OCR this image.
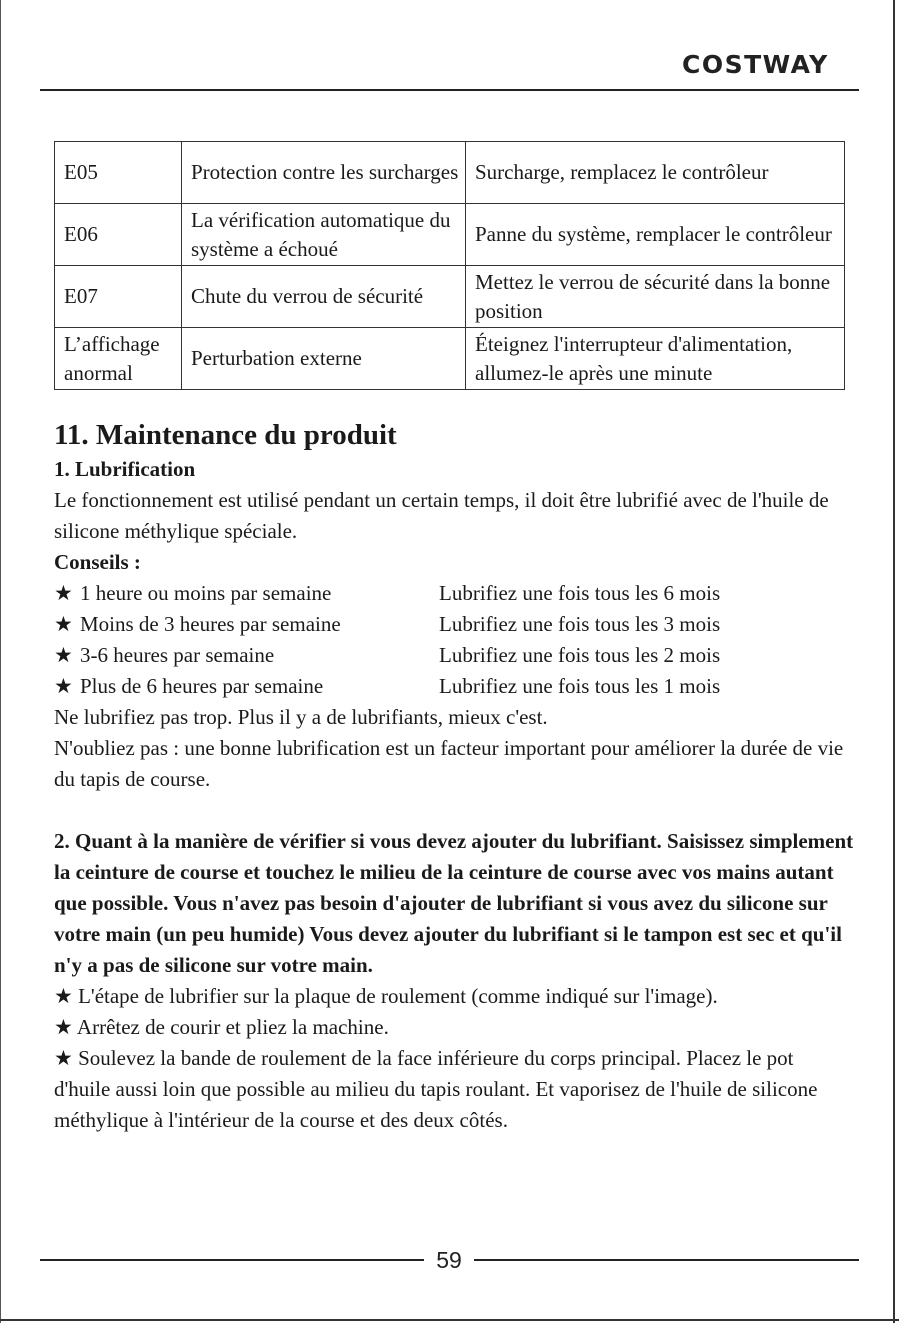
COSTWAY
E05	Protection contre les surcharges	Surcharge, remplacez le contrôleur
E06	La vérification automatique du système a échoué	Panne du système, remplacer le contrôleur
E07	Chute du verrou de sécurité	Mettez le verrou de sécurité dans la bonne position
L’affichage anormal	Perturbation externe	Éteignez l'interrupteur d'alimentation, allumez-le après une minute

11. Maintenance du produit

1. Lubrification

Le fonctionnement est utilisé pendant un certain temps, il doit être lubrifié avec de l'huile de silicone méthylique spéciale.

Conseils :

★ 1 heure ou moins par semaine	Lubrifiez une fois tous les 6 mois
★ Moins de 3 heures par semaine	Lubrifiez une fois tous les 3 mois
★ 3-6 heures par semaine	Lubrifiez une fois tous les 2 mois
★ Plus de 6 heures par semaine	Lubrifiez une fois tous les 1 mois

Ne lubrifiez pas trop. Plus il y a de lubrifiants, mieux c'est.

N'oubliez pas : une bonne lubrification est un facteur important pour améliorer la durée de vie du tapis de course.

2. Quant à la manière de vérifier si vous devez ajouter du lubrifiant. Saisissez simplement la ceinture de course et touchez le milieu de la ceinture de course avec vos mains autant que possible. Vous n'avez pas besoin d'ajouter de lubrifiant si vous avez du silicone sur votre main (un peu humide) Vous devez ajouter du lubrifiant si le tampon est sec et qu'il n'y a pas de silicone sur votre main.

★ L'étape de lubrifier sur la plaque de roulement (comme indiqué sur l'image).

★ Arrêtez de courir et pliez la machine.

★ Soulevez la bande de roulement de la face inférieure du corps principal. Placez le pot d'huile aussi loin que possible au milieu du tapis roulant. Et vaporisez de l'huile de silicone méthylique à l'intérieur de la course et des deux côtés.

59
